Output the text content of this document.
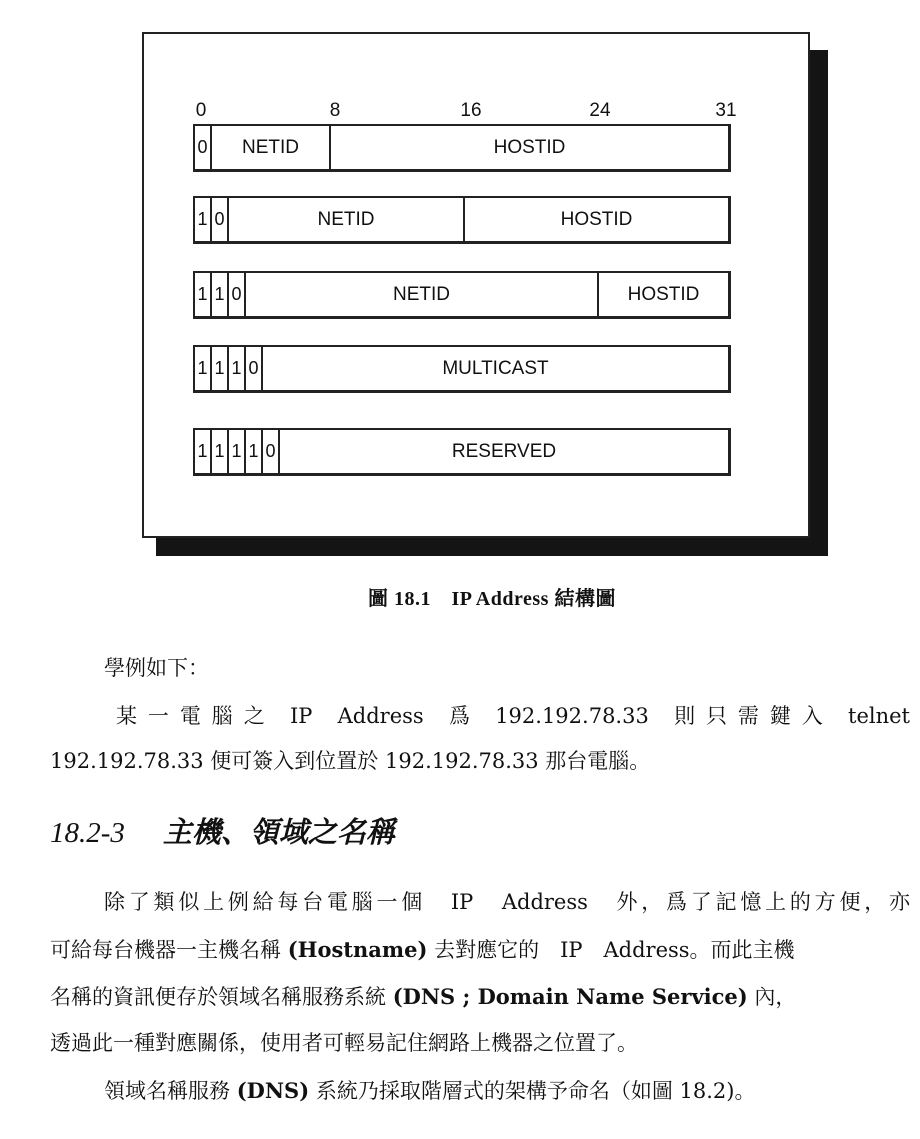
0	8	16	24	31
0	NETID	HOSTID
1 0	NETID	HOSTID
1 1 0	NETID	HOSTID
1 1 1 0	MULTICAST
1 1 1 1 0	RESERVED
圖 18.1　IP Address 結構圖
學例如下：
某 一 電 腦 之　IP　Address　爲　192.192.78.33　則 只 需 鍵 入　telnet
192.192.78.33 便可簽入到位置於 192.192.78.33 那台電腦。
18.2-3 主機、領域之名稱
除了類似上例給每台電腦一個　IP　Address　外，爲了記憶上的方便，亦
可給每台機器一主機名稱 (Hostname) 去對應它的　IP　Address。而此主機
名稱的資訊便存於領域名稱服務系統 (DNS ; Domain Name Service) 內，
透過此一種對應關係，使用者可輕易記住網路上機器之位置了。
領域名稱服務 (DNS) 系統乃採取階層式的架構予命名（如圖 18.2)。
